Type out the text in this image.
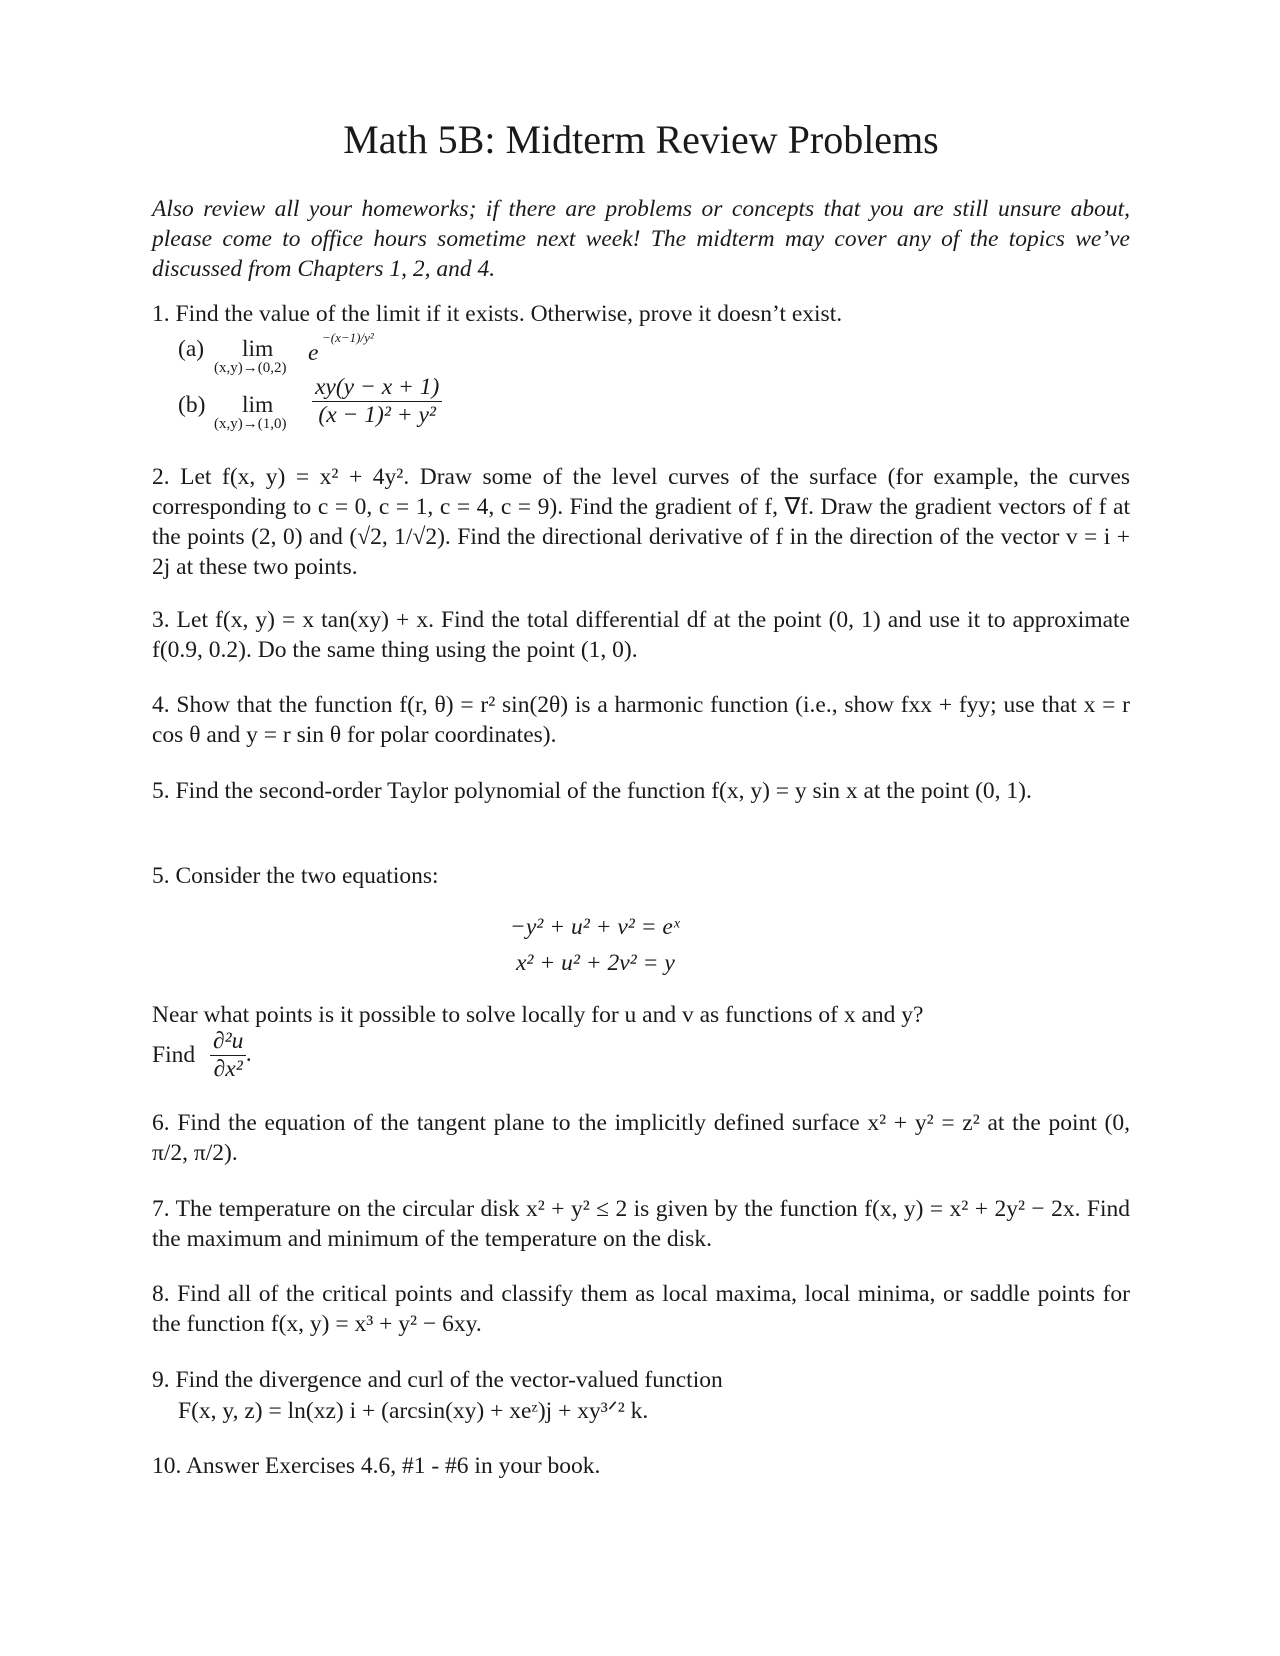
Math 5B: Midterm Review Problems
Also review all your homeworks; if there are problems or concepts that you are still unsure about, please come to office hours sometime next week! The midterm may cover any of the topics we’ve discussed from Chapters 1, 2, and 4.
1. Find the value of the limit if it exists. Otherwise, prove it doesn’t exist.
(a) lim
(x,y)→(0,2)
e
−(x−1)/y²
(b) lim
$(x,y)\to(1,0) \frac{xy(y - x + 1)}{\text{(x − 1)² + y²}}$
2. Let f(x, y) = x² + 4y². Draw some of the level curves of the surface (for example, the curves corresponding to c = 0, c = 1, c = 4, c = 9). Find the gradient of f, ∇f. Draw the gradient vectors of f at the points (2, 0) and (√2, 1/√2). Find the directional derivative of f in the direction of the vector v = i + 2j at these two points.
3. Let f(x, y) = x tan(xy) + x. Find the total differential df at the point (0, 1) and use it to approximate f(0.9, 0.2). Do the same thing using the point (1, 0).
4. Show that the function f(r, θ) = r² sin(2θ) is a harmonic function (i.e., show fxx + fyy; use that x = r cos θ and y = r sin θ for polar coordinates).
5. Find the second-order Taylor polynomial of the function f(x, y) = y sin x at the point (0, 1).
5. Consider the two equations:
−y² + u² + v² = eˣ
x² + u² + 2v² = y
Near what points is it possible to solve locally for u and v as functions of x and y?
Find $\frac{\text{∂²u}}{\text{∂x²}}$ .
6. Find the equation of the tangent plane to the implicitly defined surface x² + y² = z² at the point (0, π/2, π/2).
7. The temperature on the circular disk x² + y² ≤ 2 is given by the function f(x, y) = x² + 2y² − 2x. Find the maximum and minimum of the temperature on the disk.
8. Find all of the critical points and classify them as local maxima, local minima, or saddle points for the function f(x, y) = x³ + y² − 6xy.
9. Find the divergence and curl of the vector-valued function
F(x, y, z) = ln(xz) i + (arcsin(xy) + xeᶻ)j + xy³ᐟ² k.
10. Answer Exercises 4.6, #1 - #6 in your book.
